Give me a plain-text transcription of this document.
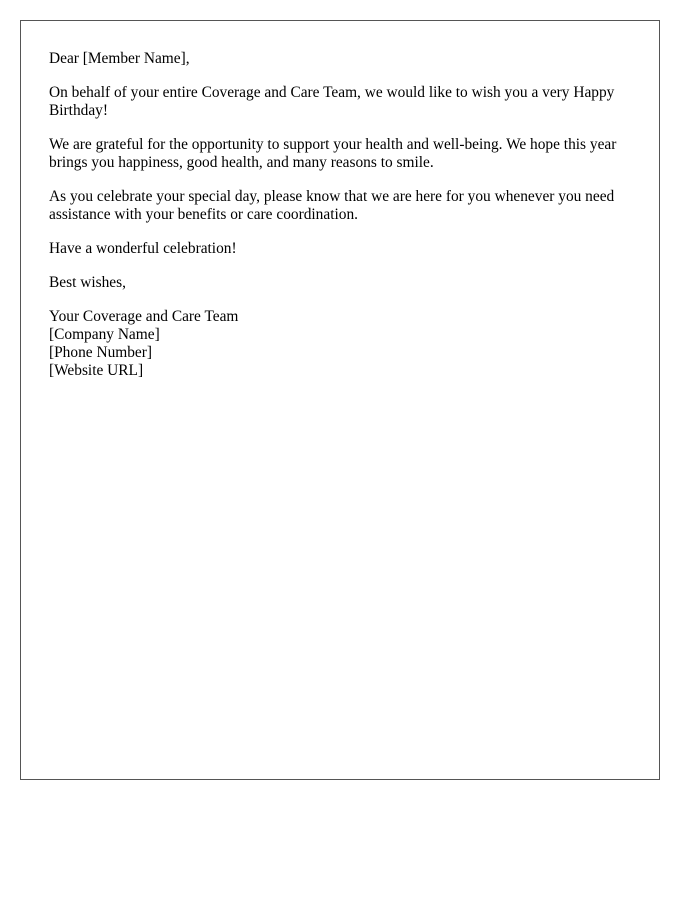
Dear [Member Name],

On behalf of your entire Coverage and Care Team, we would like to wish you a very Happy Birthday!

We are grateful for the opportunity to support your health and well-being. We hope this year brings you happiness, good health, and many reasons to smile.

As you celebrate your special day, please know that we are here for you whenever you need assistance with your benefits or care coordination.

Have a wonderful celebration!

Best wishes,

Your Coverage and Care Team
[Company Name]
[Phone Number]
[Website URL]
